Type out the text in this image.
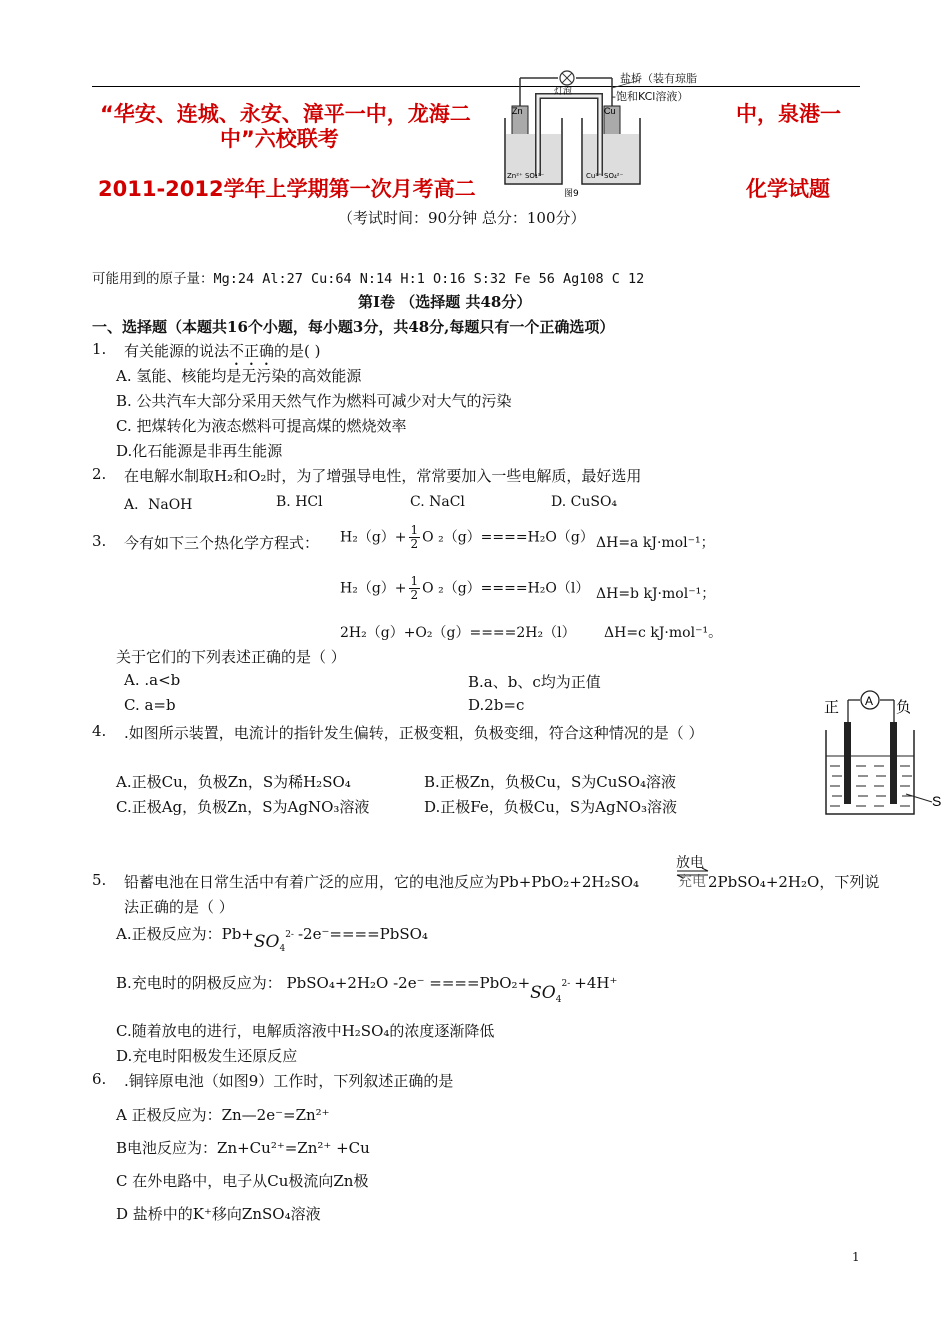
Zn	Cu
灯泡
Zn²⁺ SO₄²⁻	Cu²⁺ SO₄²⁻
图9
盐桥（装有琼脂
-饱和KCl溶液）
“华安、连城、永安、漳平一中，龙海二	中，泉港一
中”六校联考
2011-2012学年上学期第一次月考高二	化学试题
（考试时间：90分钟 总分：100分）
可能用到的原子量：Mg:24 Al:27 Cu:64 N:14 H:1 O:16 S:32 Fe 56 Ag108 C 12
第Ⅰ卷 （选择题 共48分）
一、选择题（本题共16个小题，每小题3分，共48分,每题只有一个正确选项）
1. 有关能源的说法不正确的是( )
A. 氢能、核能均是无污染的高效能源
B. 公共汽车大部分采用天然气作为燃料可减少对大气的污染
C. 把煤转化为液态燃料可提高煤的燃烧效率
D.化石能源是非再生能源
2. 在电解水制取H₂和O₂时，为了增强导电性，常常要加入一些电解质，最好选用
A．NaOH	B. HCl	C. NaCl	D. CuSO₄
3. 今有如下三个热化学方程式： $H_2(g)+ \frac{1}{2}$ O ₂（g）====H₂O（g） ΔH=a kJ·mol⁻¹；
$H_2(g)+ \frac{1}{2}$ O ₂（g）====H₂O（l） ΔH=b kJ·mol⁻¹；
2H₂（g）+O₂（g）====2H₂（l） ΔH=c kJ·mol⁻¹。
关于它们的下列表述正确的是（ ）
A. .a<b	B.a、b、c均为正值
C. a=b	D.2b=c	正	负
A
S
4. .如图所示装置，电流计的指针发生偏转，正极变粗，负极变细，符合这种情况的是（ ）
A.正极Cu，负极Zn，S为稀H₂SO₄	B.正极Zn，负极Cu，S为CuSO₄溶液
C.正极Ag，负极Zn，S为AgNO₃溶液	D.正极Fe，负极Cu，S为AgNO₃溶液
5. 铅蓄电池在日常生活中有着广泛的应用，它的电池反应为Pb+PbO₂+2H₂SO₄
放电
充电 2PbSO₄+2H₂O，下列说
法正确的是（ ）
A.正极反应为：$Pb+SO_42-$ -2e⁻====PbSO₄
B.充电时的阴极反应为： PbSO₄+2H₂O $-2e^- ====PbO_2+SO_42- +4H^+$
C.随着放电的进行，电解质溶液中H₂SO₄的浓度逐渐降低
D.充电时阳极发生还原反应
6. .铜锌原电池（如图9）工作时，下列叙述正确的是
A 正极反应为：Zn—2e⁻=Zn²⁺
B电池反应为：Zn+Cu²⁺=Zn²⁺ +Cu
C 在外电路中，电子从Cu极流向Zn极
D 盐桥中的K⁺移向ZnSO₄溶液
1
